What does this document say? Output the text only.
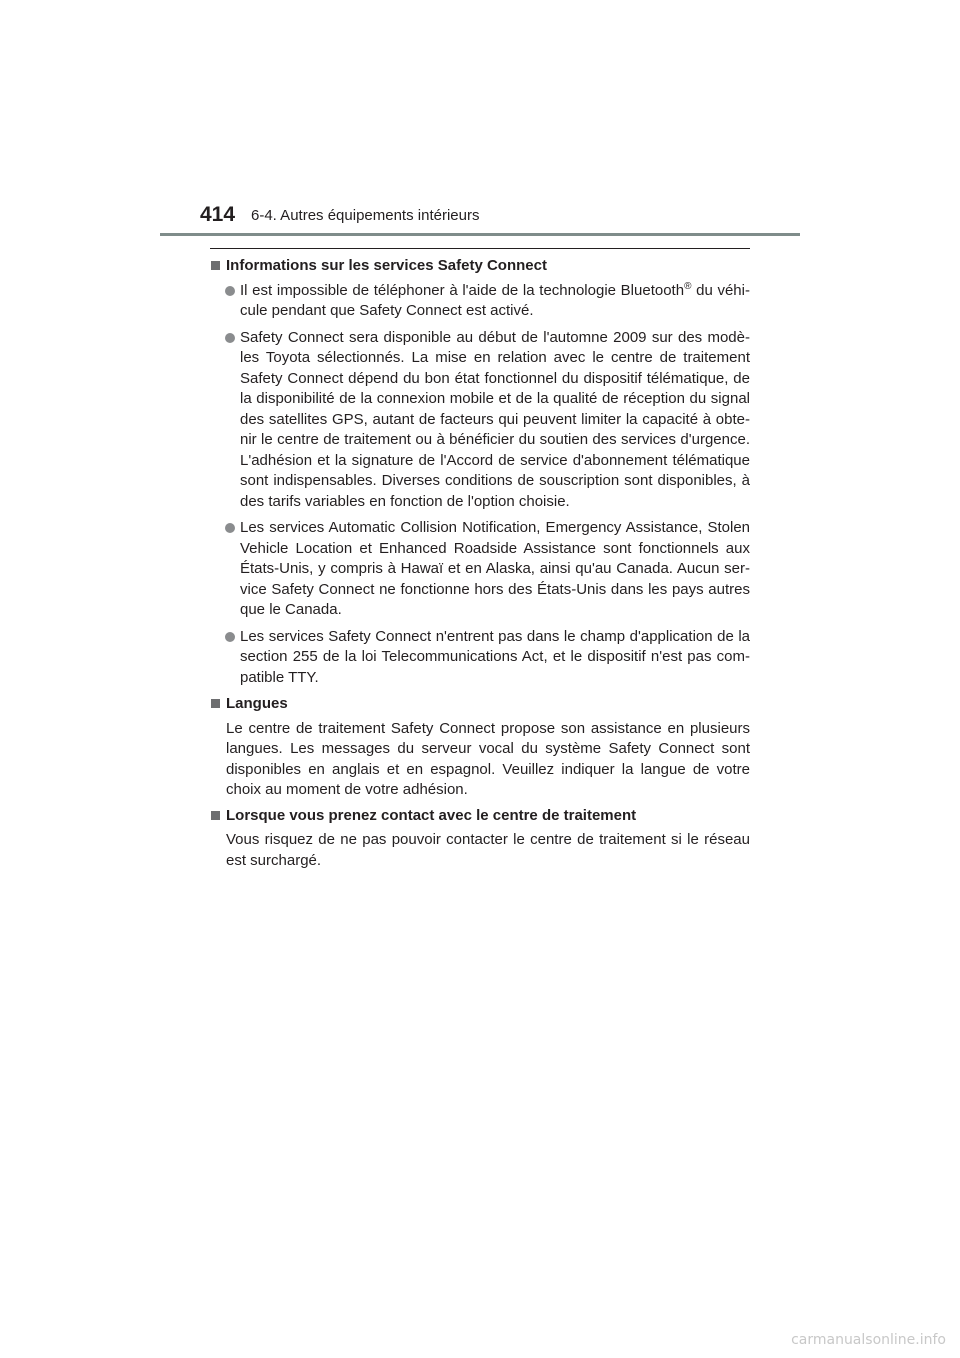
414 6-4. Autres équipements intérieurs
Informations sur les services Safety Connect
Il est impossible de téléphoner à l'aide de la technologie Bluetooth® du véhi-cule pendant que Safety Connect est activé.
Safety Connect sera disponible au début de l'automne 2009 sur des modè-les Toyota sélectionnés. La mise en relation avec le centre de traitement Safety Connect dépend du bon état fonctionnel du dispositif télématique, de la disponibilité de la connexion mobile et de la qualité de réception du signal des satellites GPS, autant de facteurs qui peuvent limiter la capacité à obte-nir le centre de traitement ou à bénéficier du soutien des services d'urgence. L'adhésion et la signature de l'Accord de service d'abonnement télématique sont indispensables. Diverses conditions de souscription sont disponibles, à des tarifs variables en fonction de l'option choisie.
Les services Automatic Collision Notification, Emergency Assistance, Stolen Vehicle Location et Enhanced Roadside Assistance sont fonctionnels aux États-Unis, y compris à Hawaï et en Alaska, ainsi qu'au Canada. Aucun ser-vice Safety Connect ne fonctionne hors des États-Unis dans les pays autres que le Canada.
Les services Safety Connect n'entrent pas dans le champ d'application de la section 255 de la loi Telecommunications Act, et le dispositif n'est pas com-patible TTY.
Langues
Le centre de traitement Safety Connect propose son assistance en plusieurs langues. Les messages du serveur vocal du système Safety Connect sont disponibles en anglais et en espagnol. Veuillez indiquer la langue de votre choix au moment de votre adhésion.
Lorsque vous prenez contact avec le centre de traitement
Vous risquez de ne pas pouvoir contacter le centre de traitement si le réseau est surchargé.
carmanualsonline.info
